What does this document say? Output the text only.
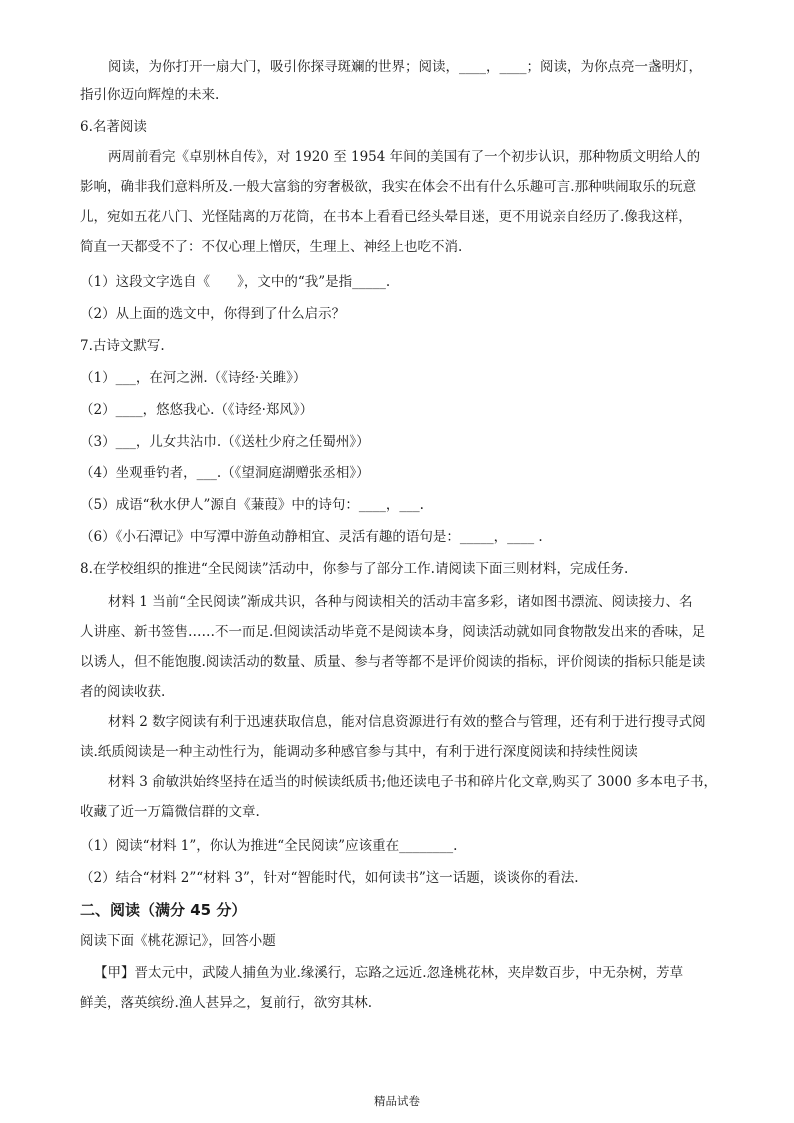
阅读，为你打开一扇大门，吸引你探寻斑斓的世界；阅读，____，____；阅读，为你点亮一盏明灯，
指引你迈向辉煌的未来.
6.名著阅读
两周前看完《卓别林自传》，对 1920 至 1954 年间的美国有了一个初步认识，那种物质文明给人的
影响，确非我们意料所及.一般大富翁的穷奢极欲，我实在体会不出有什么乐趣可言.那种哄闹取乐的玩意
儿，宛如五花八门、光怪陆离的万花筒，在书本上看看已经头晕目迷，更不用说亲自经历了.像我这样，
简直一天都受不了：不仅心理上憎厌，生理上、神经上也吃不消.
（1）这段文字选自《　　》，文中的“我”是指_____.
（2）从上面的选文中，你得到了什么启示？
7.古诗文默写.
（1）___，在河之洲.（《诗经·关雎》）
（2）____，悠悠我心.（《诗经·郑风》）
（3）___，儿女共沾巾.（《送杜少府之任蜀州》）
（4）坐观垂钓者，___.（《望洞庭湖赠张丞相》）
（5）成语“秋水伊人”源自《蒹葭》中的诗句：____，___.
（6）《小石潭记》中写潭中游鱼动静相宜、灵活有趣的语句是：_____，____ .
8.在学校组织的推进“全民阅读”活动中，你参与了部分工作.请阅读下面三则材料，完成任务.
材料 1 当前“全民阅读”渐成共识，各种与阅读相关的活动丰富多彩，诸如图书漂流、阅读接力、名
人讲座、新书签售……不一而足.但阅读活动毕竟不是阅读本身，阅读活动就如同食物散发出来的香味，足
以诱人，但不能饱腹.阅读活动的数量、质量、参与者等都不是评价阅读的指标，评价阅读的指标只能是读
者的阅读收获.
材料 2 数字阅读有利于迅速获取信息，能对信息资源进行有效的整合与管理，还有利于进行搜寻式阅
读.纸质阅读是一种主动性行为，能调动多种感官参与其中，有利于进行深度阅读和持续性阅读
材料 3 俞敏洪始终坚持在适当的时候读纸质书;他还读电子书和碎片化文章,购买了 3000 多本电子书，
收藏了近一万篇微信群的文章.
（1）阅读“材料 1”，你认为推进“全民阅读”应该重在________.
（2）结合“材料 2”“材料 3”，针对“智能时代，如何读书”这一话题，谈谈你的看法.
二、阅读（满分 45 分）
阅读下面《桃花源记》，回答小题
【甲】晋太元中，武陵人捕鱼为业.缘溪行，忘路之远近.忽逢桃花林，夹岸数百步，中无杂树，芳草
鲜美，落英缤纷.渔人甚异之，复前行，欲穷其林.
精品试卷
